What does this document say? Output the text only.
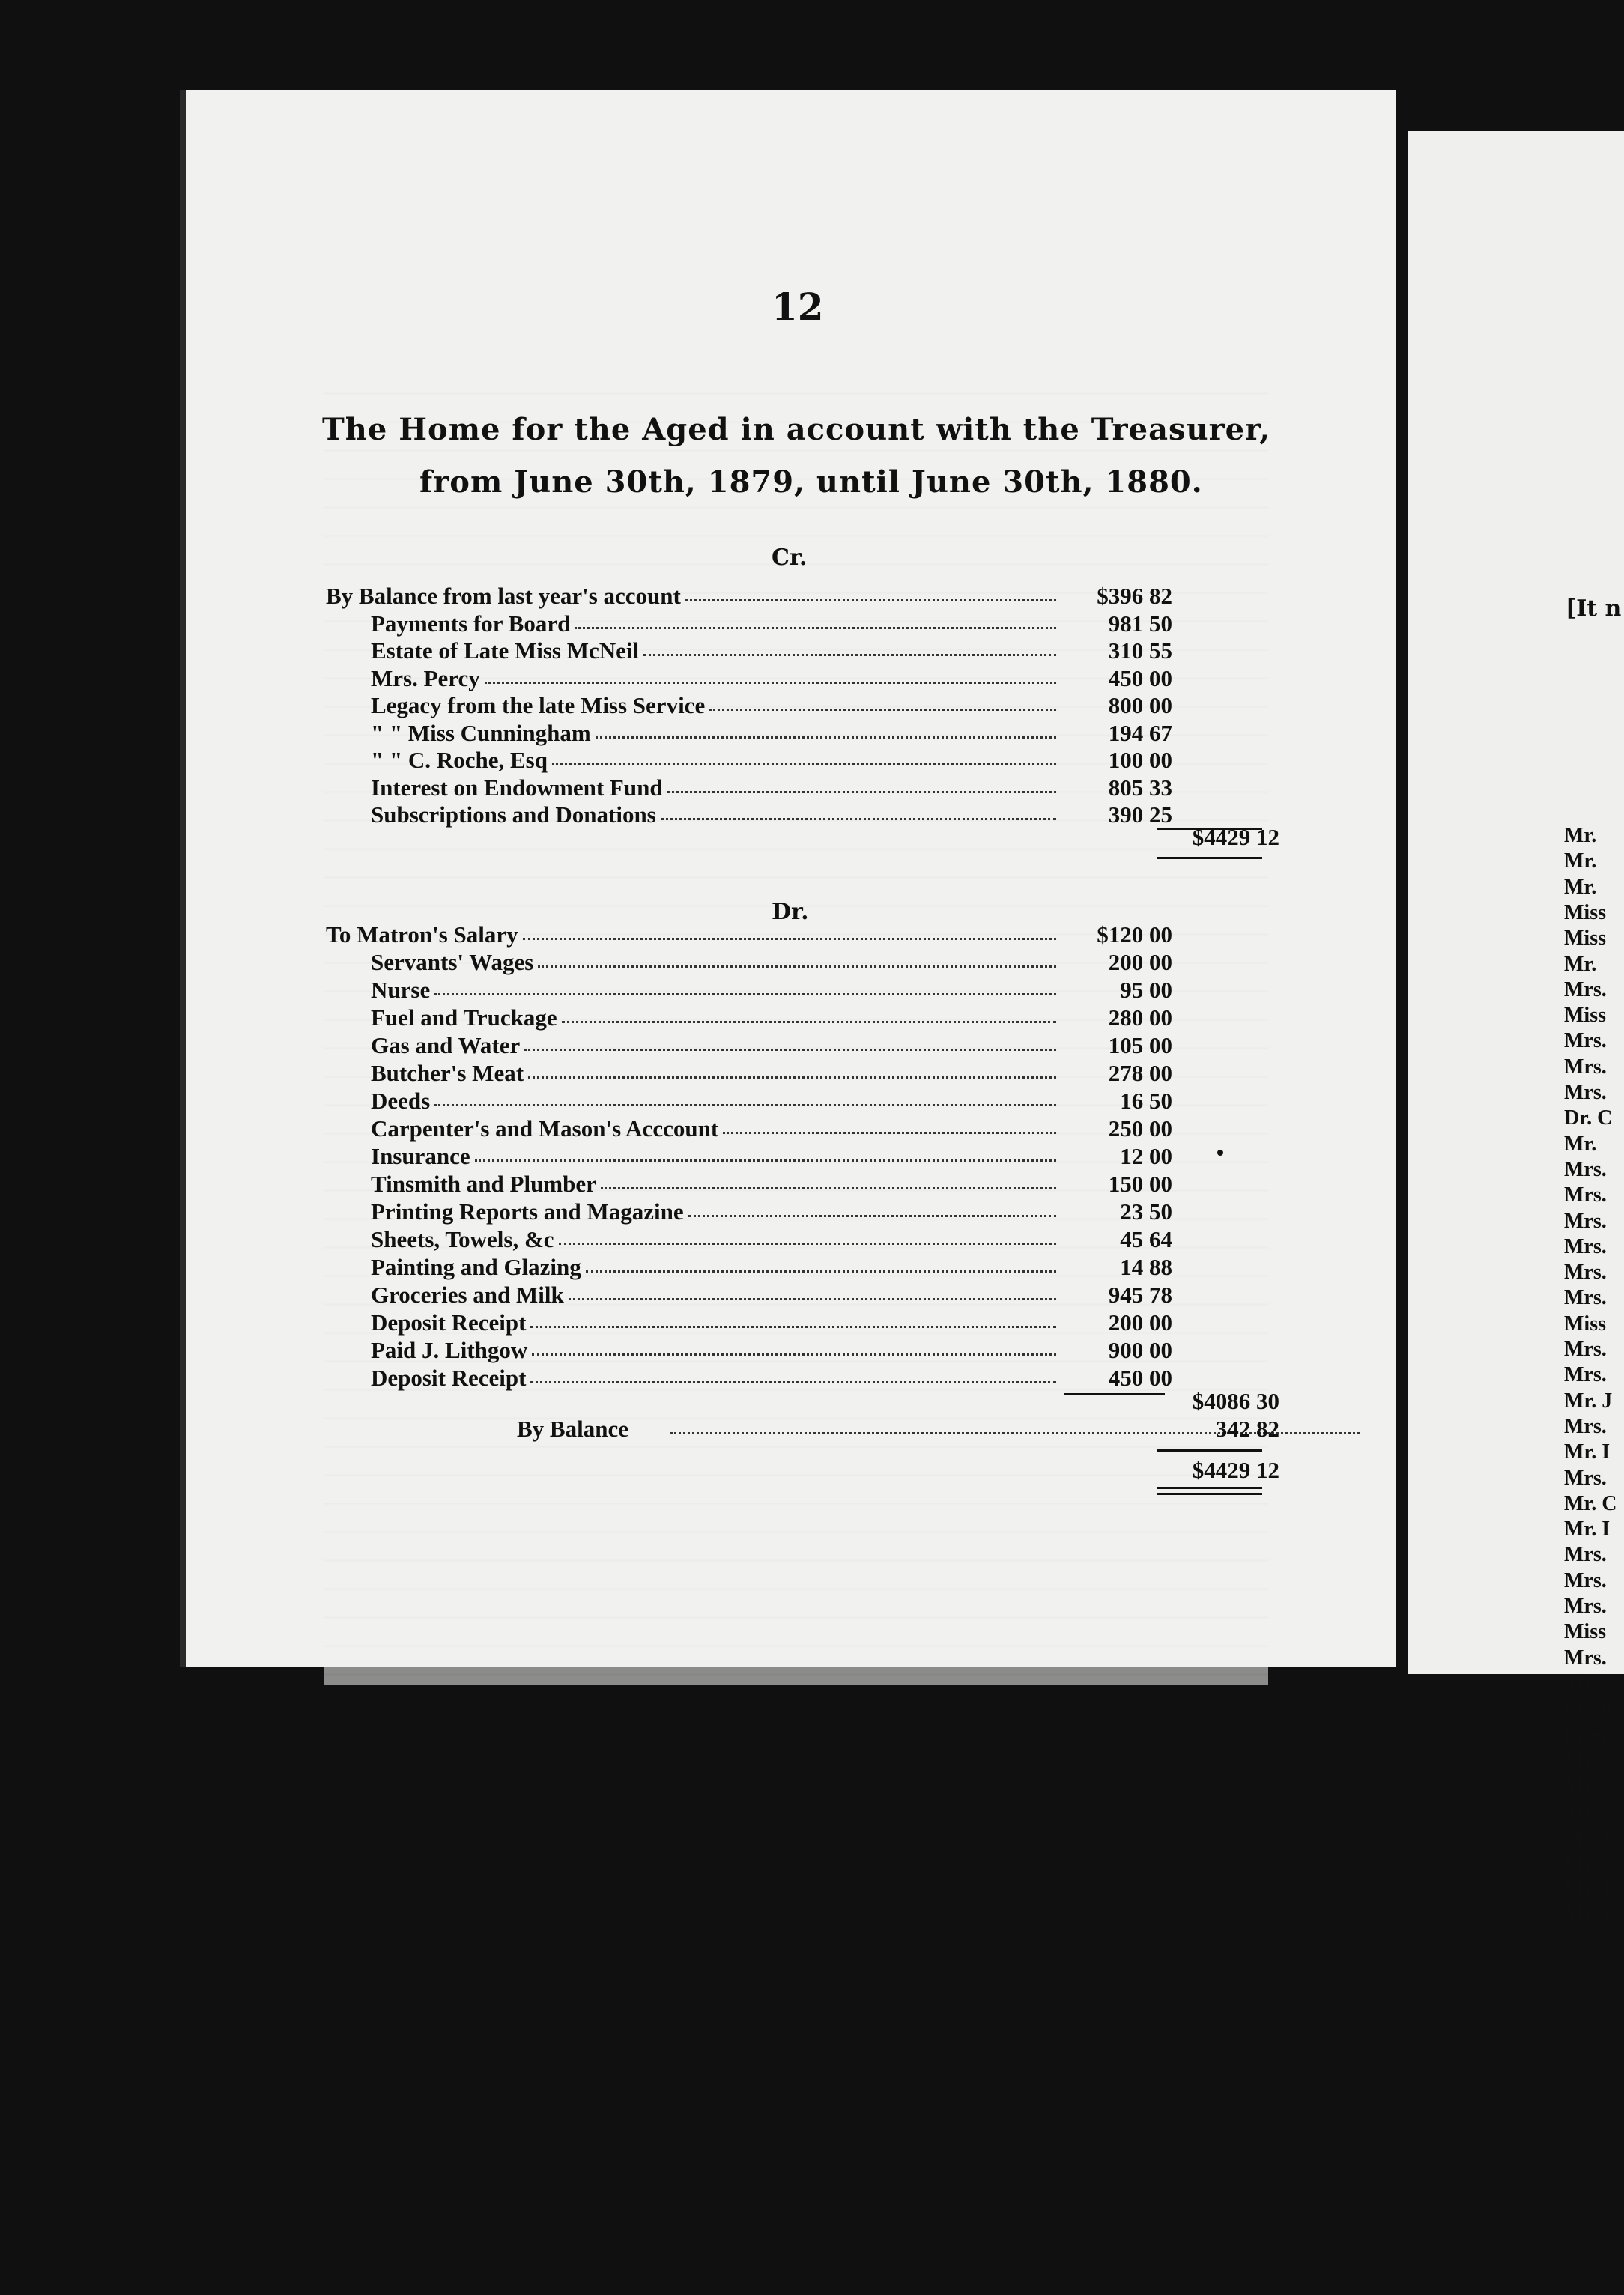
12
The Home for the Aged in account with the Treasurer,
from June 30th, 1879, until June 30th, 1880.
Cr.
By Balance from last year's account	$396 82
Payments for Board	981 50
Estate of Late Miss McNeil	310 55
Mrs. Percy	450 00
Legacy from the late Miss Service	800 00
" " Miss Cunningham	194 67
" " C. Roche, Esq	100 00
Interest on Endowment Fund	805 33
Subscriptions and Donations	390 25
$4429 12
Dr.
To Matron's Salary	$120 00
Servants' Wages	200 00
Nurse	95 00
Fuel and Truckage	280 00
Gas and Water	105 00
Butcher's Meat	278 00
Deeds	16 50
Carpenter's and Mason's Acccount	250 00
Insurance	12 00
Tinsmith and Plumber	150 00
Printing Reports and Magazine	23 50
Sheets, Towels, &c	45 64
Painting and Glazing	14 88
Groceries and Milk	945 78
Deposit Receipt	200 00
Paid J. Lithgow	900 00
Deposit Receipt	450 00
$4086 30
By Balance	342 82
$4429 12
[It n
Mr.
Mr.
Mr.
Miss
Miss
Mr.
Mrs.
Miss
Mrs.
Mrs.
Mrs.
Dr. C
Mr.
Mrs.
Mrs.
Mrs.
Mrs.
Mrs.
Mrs.
Miss
Mrs.
Mrs.
Mr. J
Mrs.
Mr. I
Mrs.
Mr. C
Mr. I
Mrs.
Mrs.
Mrs.
Miss
Mrs.
Mrs.
Frien
Frien
Mrs.
Mrs.
Mrs.
Mr. I
Mrs.
Mr. I
Mr. I
